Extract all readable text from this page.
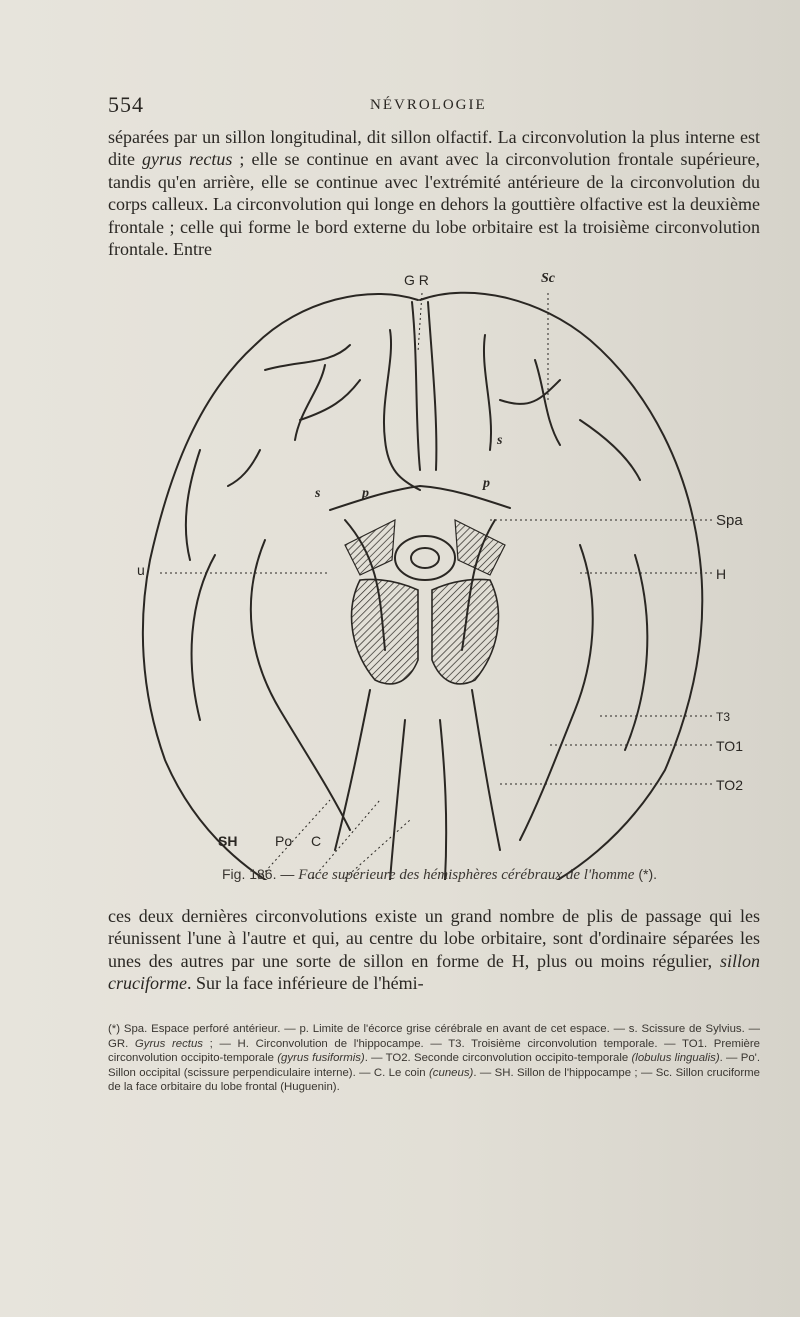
554	NÉVROLOGIE

séparées par un sillon longitudinal, dit sillon olfactif. La circonvolution la plus interne est dite gyrus rectus ; elle se continue en avant avec la circonvolution frontale supérieure, tandis qu'en arrière, elle se continue avec l'extrémité antérieure de la circonvolution du corps calleux. La circonvolution qui longe en dehors la gouttière olfactive est la deuxième frontale ; celle qui forme le bord externe du lobe orbitaire est la troisième circonvolution frontale. Entre

G R	Sc
s	p
s
p
Spa
H
u
T3
TO1
TO2
SH	Po C
Fig. 186. — Face supérieure des hémisphères cérébraux de l'homme (*).

ces deux dernières circonvolutions existe un grand nombre de plis de passage qui les réunissent l'une à l'autre et qui, au centre du lobe orbitaire, sont d'ordinaire séparées les unes des autres par une sorte de sillon en forme de H, plus ou moins régulier, sillon cruciforme. Sur la face inférieure de l'hémi-

(*) Spa. Espace perforé antérieur. — p. Limite de l'écorce grise cérébrale en avant de cet espace. — s. Scissure de Sylvius. — GR. Gyrus rectus ; — H. Circonvolution de l'hippocampe. — T3. Troisième circonvolution temporale. — TO1. Première circonvolution occipito-temporale (gyrus fusiformis). — TO2. Seconde circonvolution occipito-temporale (lobulus lingualis). — Po'. Sillon occipital (scissure perpendiculaire interne). — C. Le coin (cuneus). — SH. Sillon de l'hippocampe ; — Sc. Sillon cruciforme de la face orbitaire du lobe frontal (Huguenin).
